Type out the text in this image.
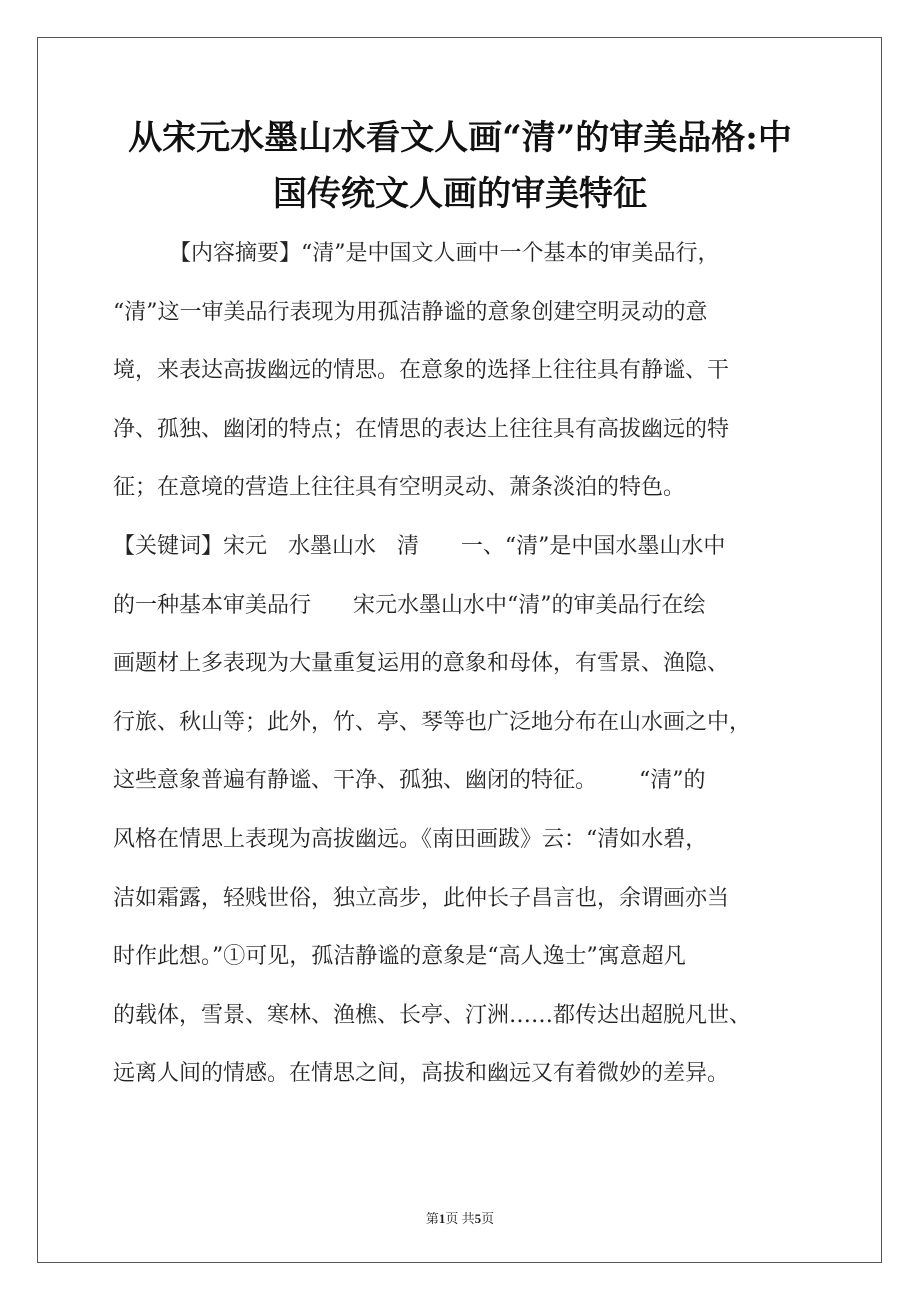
从宋元水墨山水看文人画“清”的审美品格:中
国传统文人画的审美特征
【内容摘要】“清”是中国文人画中一个基本的审美品行，
“清”这一审美品行表现为用孤洁静谧的意象创建空明灵动的意
境，来表达高拔幽远的情思。在意象的选择上往往具有静谧、干
净、孤独、幽闭的特点；在情思的表达上往往具有高拔幽远的特
征；在意境的营造上往往具有空明灵动、萧条淡泊的特色。
【关键词】宋元   水墨山水   清      一、“清”是中国水墨山水中
的一种基本审美品行      宋元水墨山水中“清”的审美品行在绘
画题材上多表现为大量重复运用的意象和母体，有雪景、渔隐、
行旅、秋山等；此外，竹、亭、琴等也广泛地分布在山水画之中，
这些意象普遍有静谧、干净、孤独、幽闭的特征。      “清”的
风格在情思上表现为高拔幽远。《南田画跋》云：“清如水碧，
洁如霜露，轻贱世俗，独立高步，此仲长子昌言也，余谓画亦当
时作此想。”①可见，孤洁静谧的意象是“高人逸士”寓意超凡
的载体，雪景、寒林、渔樵、长亭、汀洲……都传达出超脱凡世、
远离人间的情感。在情思之间，高拔和幽远又有着微妙的差异。
第1页 共5页
